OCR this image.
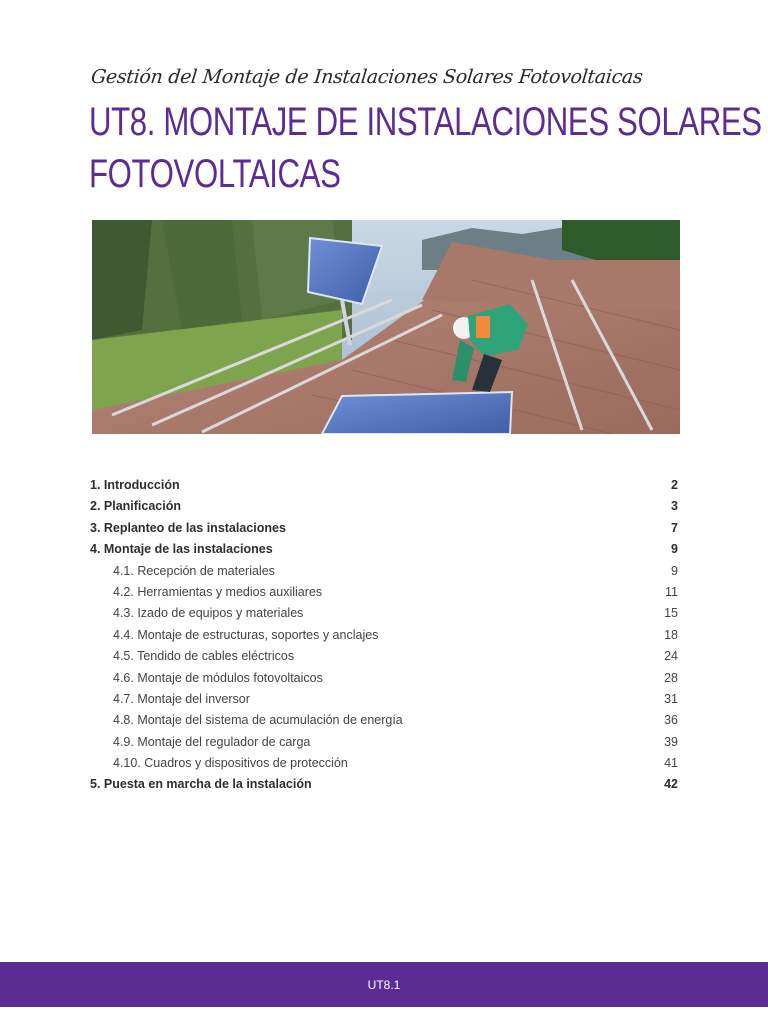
Gestión del Montaje de Instalaciones Solares Fotovoltaicas
UT8. MONTAJE DE INSTALACIONES SOLARES
FOTOVOLTAICAS
1. Introducción	2
2. Planificación	3
3. Replanteo de las instalaciones	7
4. Montaje de las instalaciones	9
4.1. Recepción de materiales	9
4.2. Herramientas y medios auxiliares	11
4.3. Izado de equipos y materiales	15
4.4. Montaje de estructuras, soportes y anclajes	18
4.5. Tendido de cables eléctricos	24
4.6. Montaje de módulos fotovoltaicos	28
4.7. Montaje del inversor	31
4.8. Montaje del sistema de acumulación de energía	36
4.9. Montaje del regulador de carga	39
4.10. Cuadros y dispositivos de protección	41
5. Puesta en marcha de la instalación	42
UT8.1
